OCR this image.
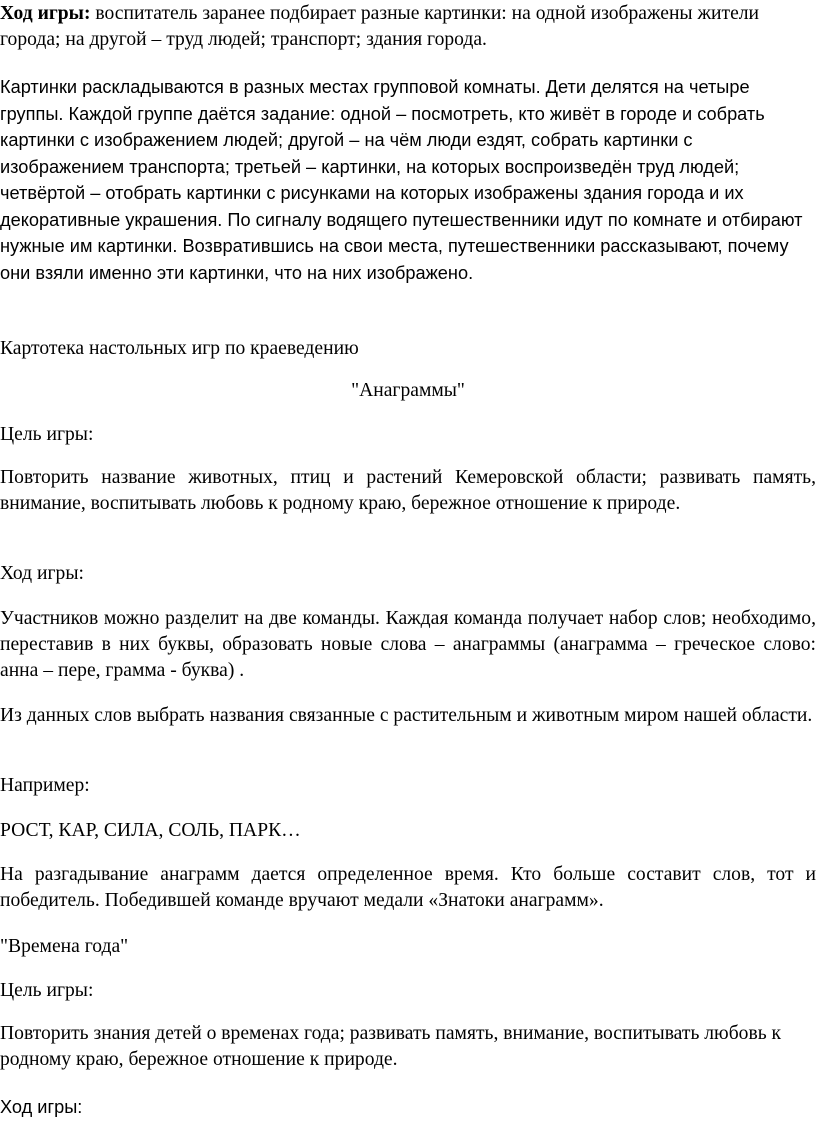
Ход игры: воспитатель заранее подбирает разные картинки: на одной изображены жители города; на другой – труд людей; транспорт; здания города.

Картинки раскладываются в разных местах групповой комнаты. Дети делятся на четыре группы. Каждой группе даётся задание: одной – посмотреть, кто живёт в городе и собрать картинки с изображением людей; другой – на чём люди ездят, собрать картинки с изображением транспорта; третьей – картинки, на которых воспроизведён труд людей; четвёртой – отобрать картинки с рисунками на которых изображены здания города и их декоративные украшения. По сигналу водящего путешественники идут по комнате и отбирают нужные им картинки. Возвратившись на свои места, путешественники рассказывают, почему они взяли именно эти картинки, что на них изображено.

Картотека настольных игр по краеведению

"Анаграммы"

Цель игры:

Повторить название животных, птиц и растений Кемеровской области; развивать память, внимание, воспитывать любовь к родному краю, бережное отношение к природе.

Ход игры:

Участников можно разделит на две команды. Каждая команда получает набор слов; необходимо, переставив в них буквы, образовать новые слова – анаграммы (анаграмма – греческое слово: анна – пере, грамма - буква) .

Из данных слов выбрать названия связанные с растительным и животным миром нашей области.

Например:

РОСТ, КАР, СИЛА, СОЛЬ, ПАРК…

На разгадывание анаграмм дается определенное время. Кто больше составит слов, тот и победитель. Победившей команде вручают медали «Знатоки анаграмм».

"Времена года"

Цель игры:

Повторить знания детей о временах года; развивать память, внимание, воспитывать любовь к родному краю, бережное отношение к природе.

Ход игры:
